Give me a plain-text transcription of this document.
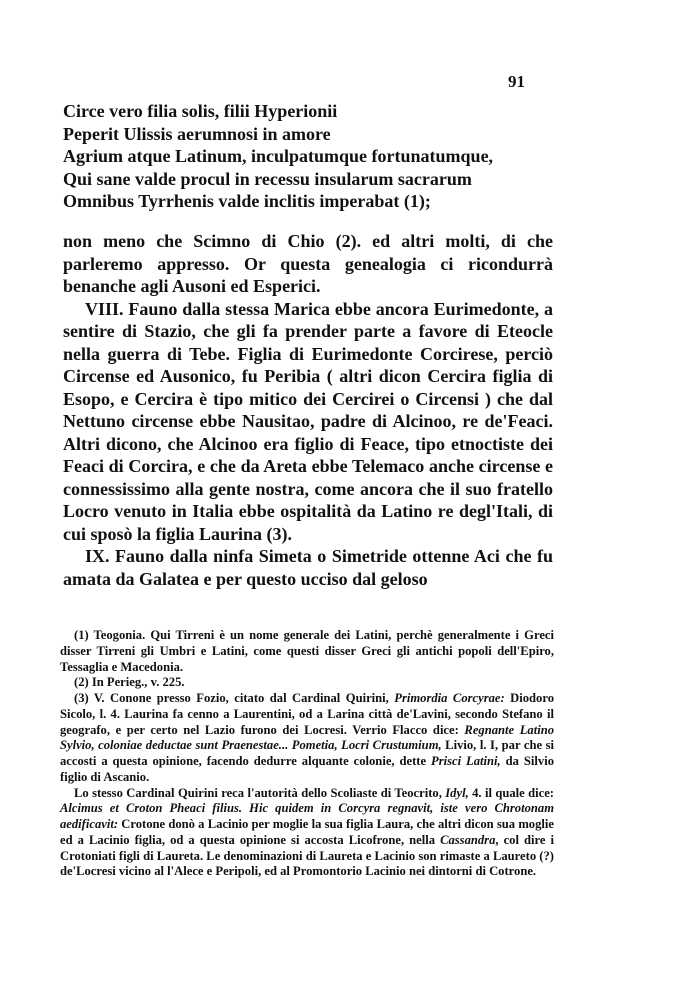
91
Circe vero filia solis, filii Hyperionii
Peperit Ulissis aerumnosi in amore
Agrium atque Latinum, inculpatumque fortunatumque,
Qui sane valde procul in recessu insularum sacrarum
Omnibus Tyrrhenis valde inclitis imperabat (1);

non meno che Scimno di Chio (2). ed altri molti, di che parleremo appresso. Or questa genealogia ci ricondurrà benanche agli Ausoni ed Esperici.

VIII. Fauno dalla stessa Marica ebbe ancora Eurimedonte, a sentire di Stazio, che gli fa prender parte a favore di Eteocle nella guerra di Tebe. Figlia di Eurimedonte Corcirese, perciò Circense ed Ausonico, fu Peribia ( altri dicon Cercira figlia di Esopo, e Cercira è tipo mitico dei Cercirei o Circensi ) che dal Nettuno circense ebbe Nausitao, padre di Alcinoo, re de'Feaci. Altri dicono, che Alcinoo era figlio di Feace, tipo etnoctiste dei Feaci di Corcira, e che da Areta ebbe Telemaco anche circense e connessissimo alla gente nostra, come ancora che il suo fratello Locro venuto in Italia ebbe ospitalità da Latino re degl'Itali, di cui sposò la figlia Laurina (3).

IX. Fauno dalla ninfa Simeta o Simetride ottenne Aci che fu amata da Galatea e per questo ucciso dal geloso

(1) Teogonia. Qui Tirreni è un nome generale dei Latini, perchè generalmente i Greci disser Tirreni gli Umbri e Latini, come questi disser Greci gli antichi popoli dell'Epiro, Tessaglia e Macedonia.

(2) In Perieg., v. 225.

(3) V. Conone presso Fozio, citato dal Cardinal Quirini, Primordia Corcyrae: Diodoro Sicolo, l. 4. Laurina fa cenno a Laurentini, od a Larina città de'Lavini, secondo Stefano il geografo, e per certo nel Lazio furono dei Locresi. Verrio Flacco dice: Regnante Latino Sylvio, coloniae deductae sunt Praenestae... Pometia, Locri Crustumium, Livio, l. I, par che si accosti a questa opinione, facendo dedurre alquante colonie, dette Prisci Latini, da Silvio figlio di Ascanio.

Lo stesso Cardinal Quirini reca l'autorità dello Scoliaste di Teocrito, Idyl, 4. il quale dice: Alcimus et Croton Pheaci filius. Hic quidem in Corcyra regnavit, iste vero Chrotonam aedificavit: Crotone donò a Lacinio per moglie la sua figlia Laura, che altri dicon sua moglie ed a Lacinio figlia, od a questa opinione si accosta Licofrone, nella Cassandra, col dire i Crotoniati figli di Laureta. Le denominazioni di Laureta e Lacinio son rimaste a Laureto (?) de'Locresi vicino al l'Alece e Peripoli, ed al Promontorio Lacinio nei dintorni di Cotrone.
